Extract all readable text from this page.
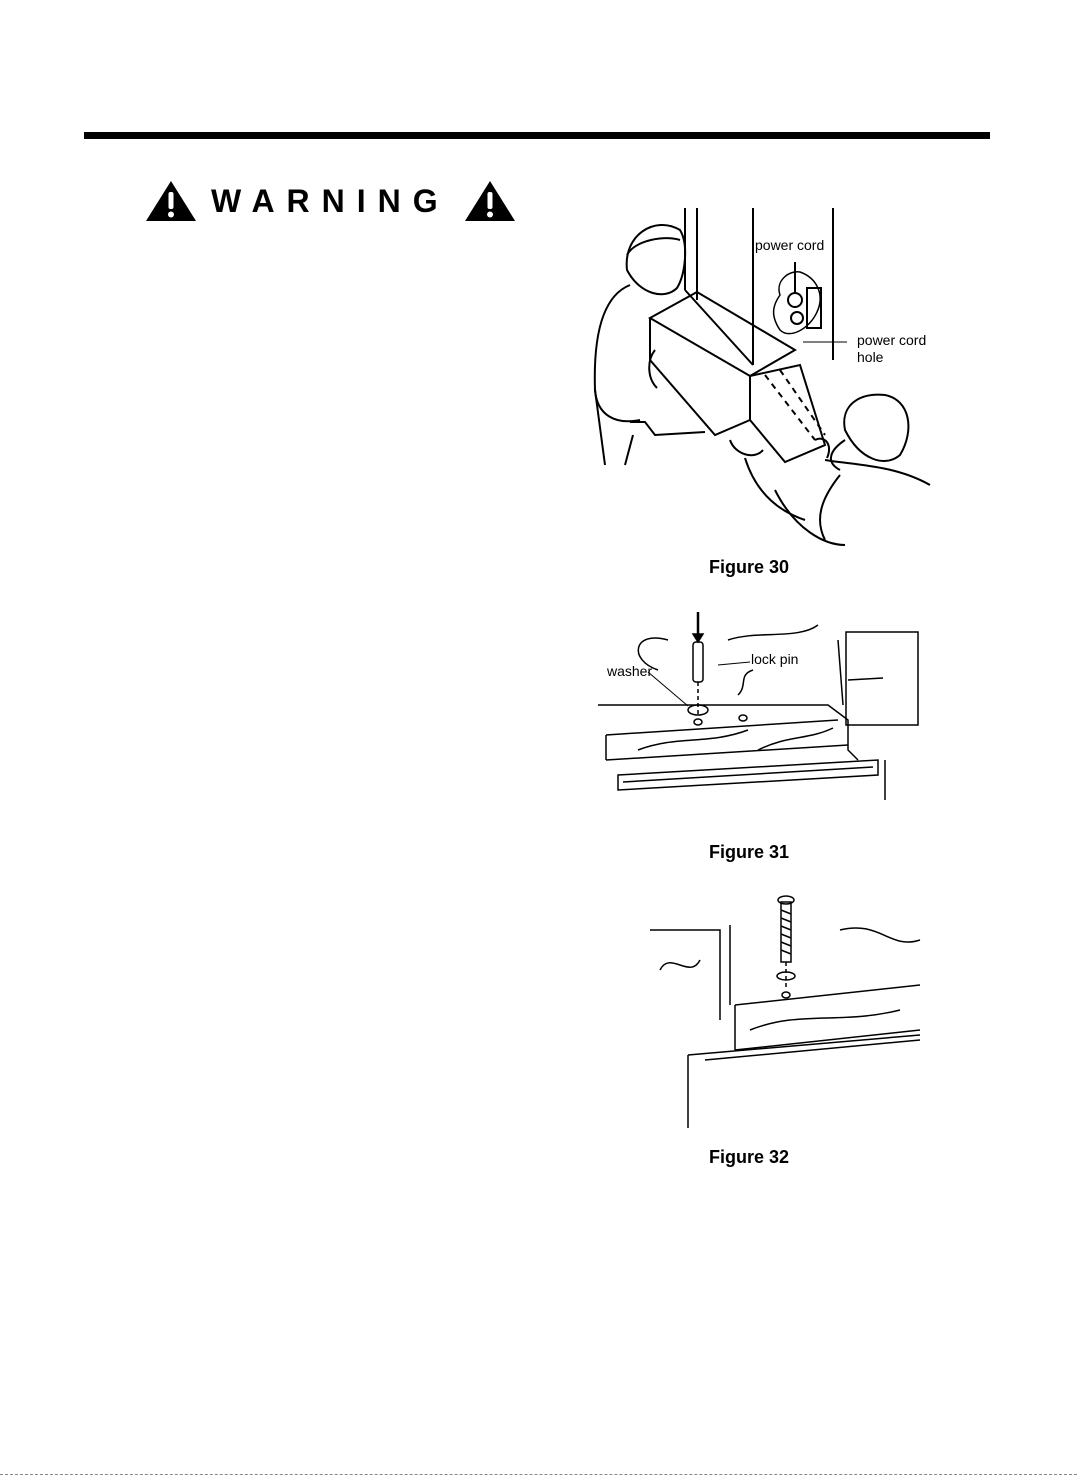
WARNING
power cord
power cord
hole
Figure 30
washer
lock pin
Figure 31
Figure 32
